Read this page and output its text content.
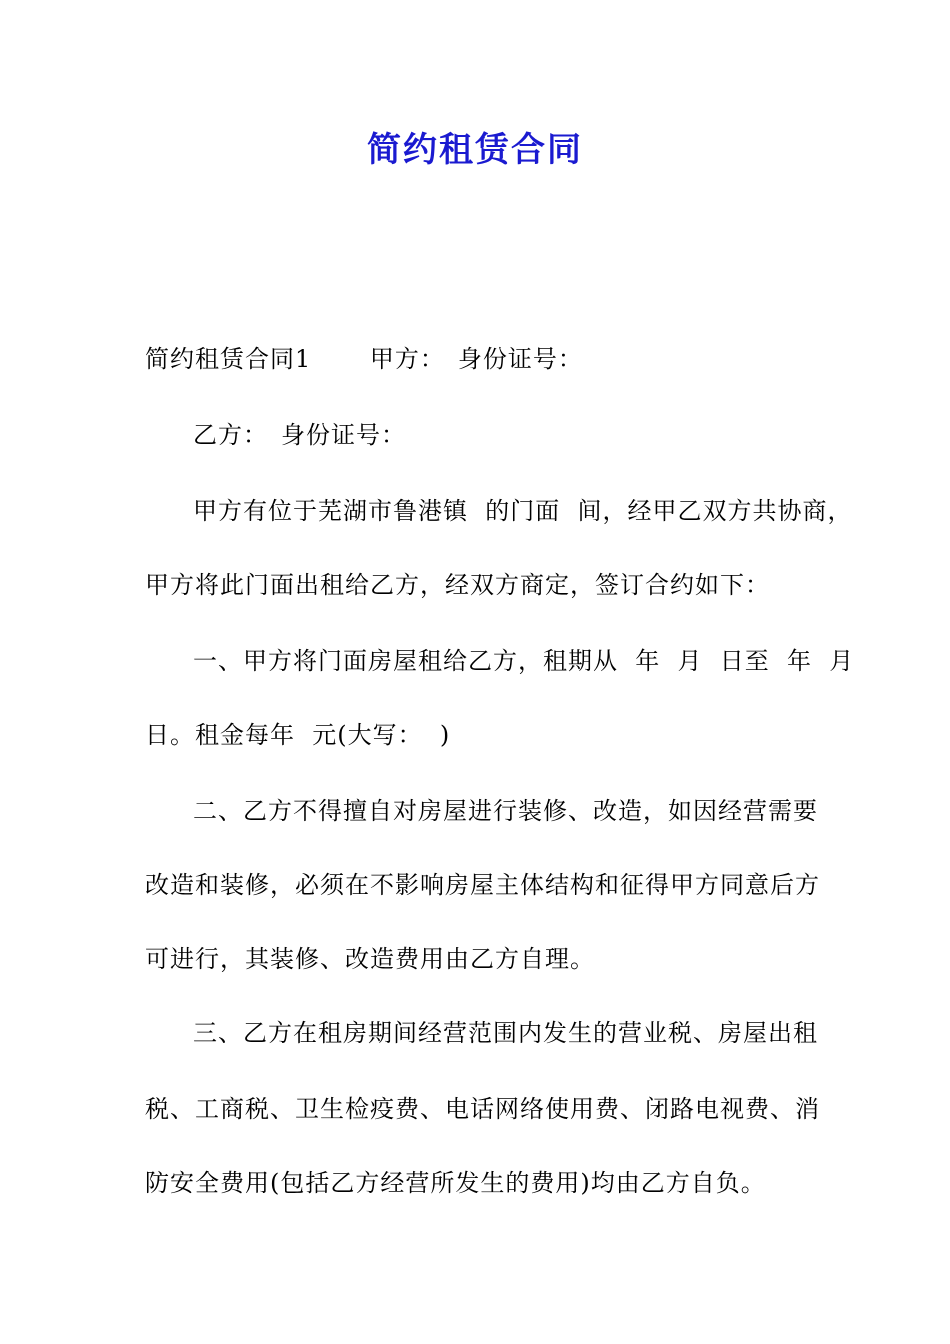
简约租赁合同
简约租赁合同1　　 甲方：　身份证号：
乙方：　身份证号：
甲方有位于芜湖市鲁港镇  的门面  间，经甲乙双方共协商，
甲方将此门面出租给乙方，经双方商定，签订合约如下：
一、甲方将门面房屋租给乙方，租期从  年  月  日至  年  月
日。租金每年  元(大写：  )
二、乙方不得擅自对房屋进行装修、改造，如因经营需要
改造和装修，必须在不影响房屋主体结构和征得甲方同意后方
可进行，其装修、改造费用由乙方自理。
三、乙方在租房期间经营范围内发生的营业税、房屋出租
税、工商税、卫生检疫费、电话网络使用费、闭路电视费、消
防安全费用(包括乙方经营所发生的费用)均由乙方自负。
